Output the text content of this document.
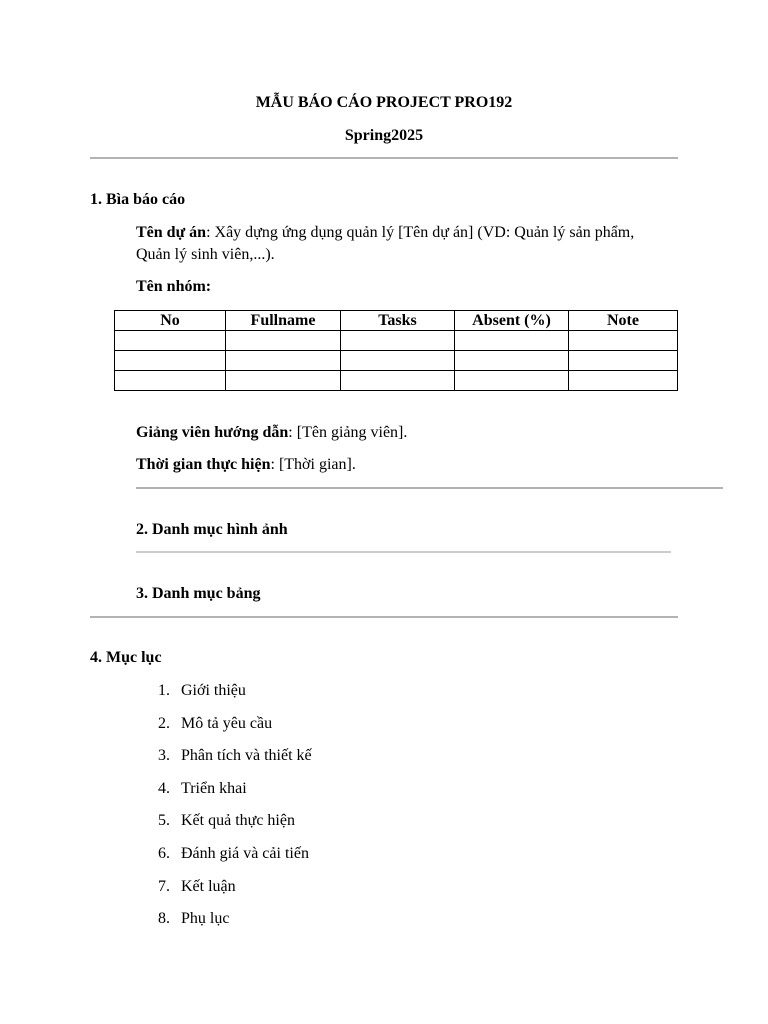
MẪU BÁO CÁO PROJECT PRO192
Spring2025
1. Bìa báo cáo
Tên dự án: Xây dựng ứng dụng quản lý [Tên dự án] (VD: Quản lý sản phẩm,
Quản lý sinh viên,...).
Tên nhóm:
No	Fullname	Tasks	Absent (%)	Note

Giảng viên hướng dẫn: [Tên giảng viên].
Thời gian thực hiện: [Thời gian].
2. Danh mục hình ảnh
3. Danh mục bảng
4. Mục lục
1. Giới thiệu
2. Mô tả yêu cầu
3. Phân tích và thiết kế
4. Triển khai
5. Kết quả thực hiện
6. Đánh giá và cải tiến
7. Kết luận
8. Phụ lục
